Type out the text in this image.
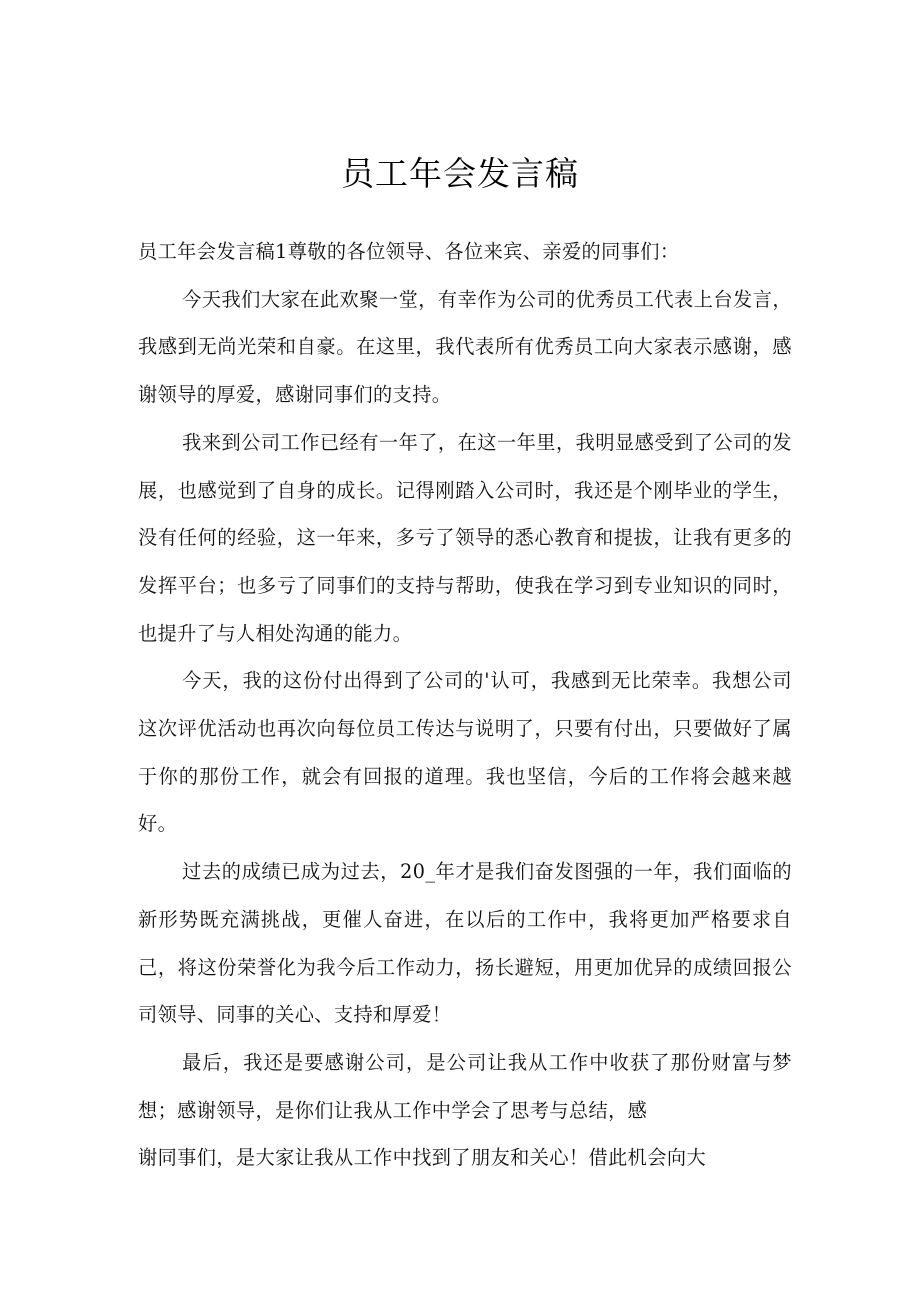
员工年会发言稿

员工年会发言稿1尊敬的各位领导、各位来宾、亲爱的同事们：

今天我们大家在此欢聚一堂，有幸作为公司的优秀员工代表上台发言，我感到无尚光荣和自豪。在这里，我代表所有优秀员工向大家表示感谢，感谢领导的厚爱，感谢同事们的支持。

我来到公司工作已经有一年了，在这一年里，我明显感受到了公司的发展，也感觉到了自身的成长。记得刚踏入公司时，我还是个刚毕业的学生，没有任何的经验，这一年来，多亏了领导的悉心教育和提拔，让我有更多的发挥平台；也多亏了同事们的支持与帮助，使我在学习到专业知识的同时，也提升了与人相处沟通的能力。

今天，我的这份付出得到了公司的'认可，我感到无比荣幸。我想公司这次评优活动也再次向每位员工传达与说明了，只要有付出，只要做好了属于你的那份工作，就会有回报的道理。我也坚信，今后的工作将会越来越好。

过去的成绩已成为过去，20_年才是我们奋发图强的一年，我们面临的新形势既充满挑战，更催人奋进，在以后的工作中，我将更加严格要求自己，将这份荣誉化为我今后工作动力，扬长避短，用更加优异的成绩回报公司领导、同事的关心、支持和厚爱！

最后，我还是要感谢公司，是公司让我从工作中收获了那份财富与梦想；感谢领导，是你们让我从工作中学会了思考与总结，感

谢同事们，是大家让我从工作中找到了朋友和关心！借此机会向大
